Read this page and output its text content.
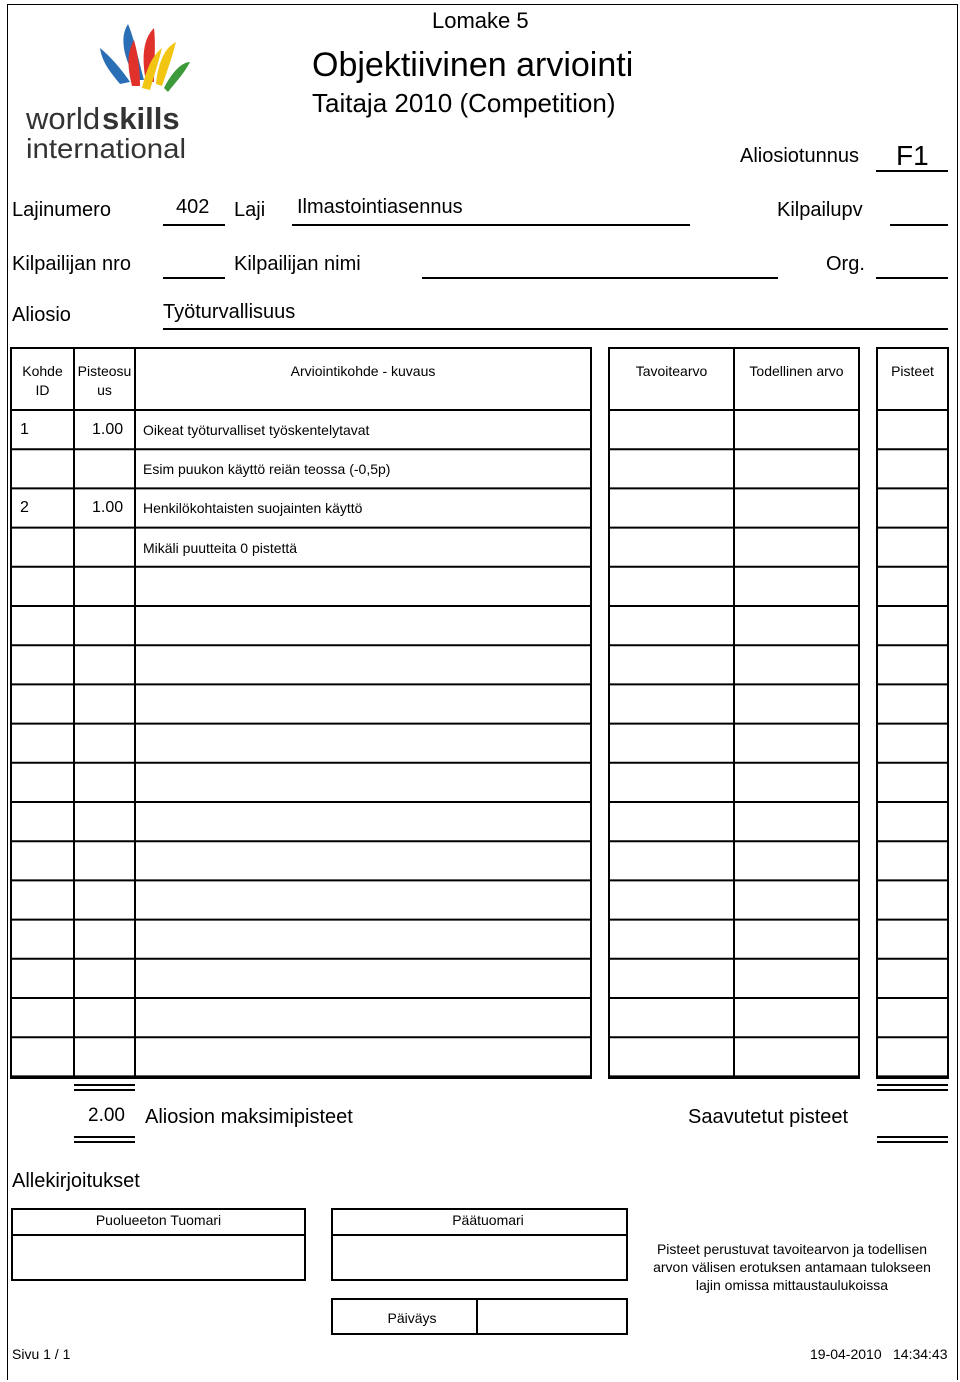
world skills
international
Lomake 5
Objektiivinen arviointi
Taitaja 2010 (Competition)
Aliosiotunnus F1
Lajinumero	402 Laji Ilmastointiasennus	Kilpailupv
Kilpailijan nro	Kilpailijan nimi	Org.
Aliosio	Työturvallisuus
Kohde
ID
Pisteosu
us
Arviointikohde - kuvaus	Tavoitearvo	Todellinen arvo	Pisteet
1	1.00 Oikeat työturvalliset työskentelytavat
Esim puukon käyttö reiän teossa (-0,5p)
2	1.00 Henkilökohtaisten suojainten käyttö
Mikäli puutteita 0 pistettä
2.00 Aliosion maksimipisteet	Saavutetut pisteet
Allekirjoitukset
Puolueeton Tuomari	Päätuomari
Päiväys
Pisteet perustuvat tavoitearvon ja todellisen
arvon välisen erotuksen antamaan tulokseen
lajin omissa mittaustaulukoissa
Sivu 1 / 1	19-04-2010 14:34:43
